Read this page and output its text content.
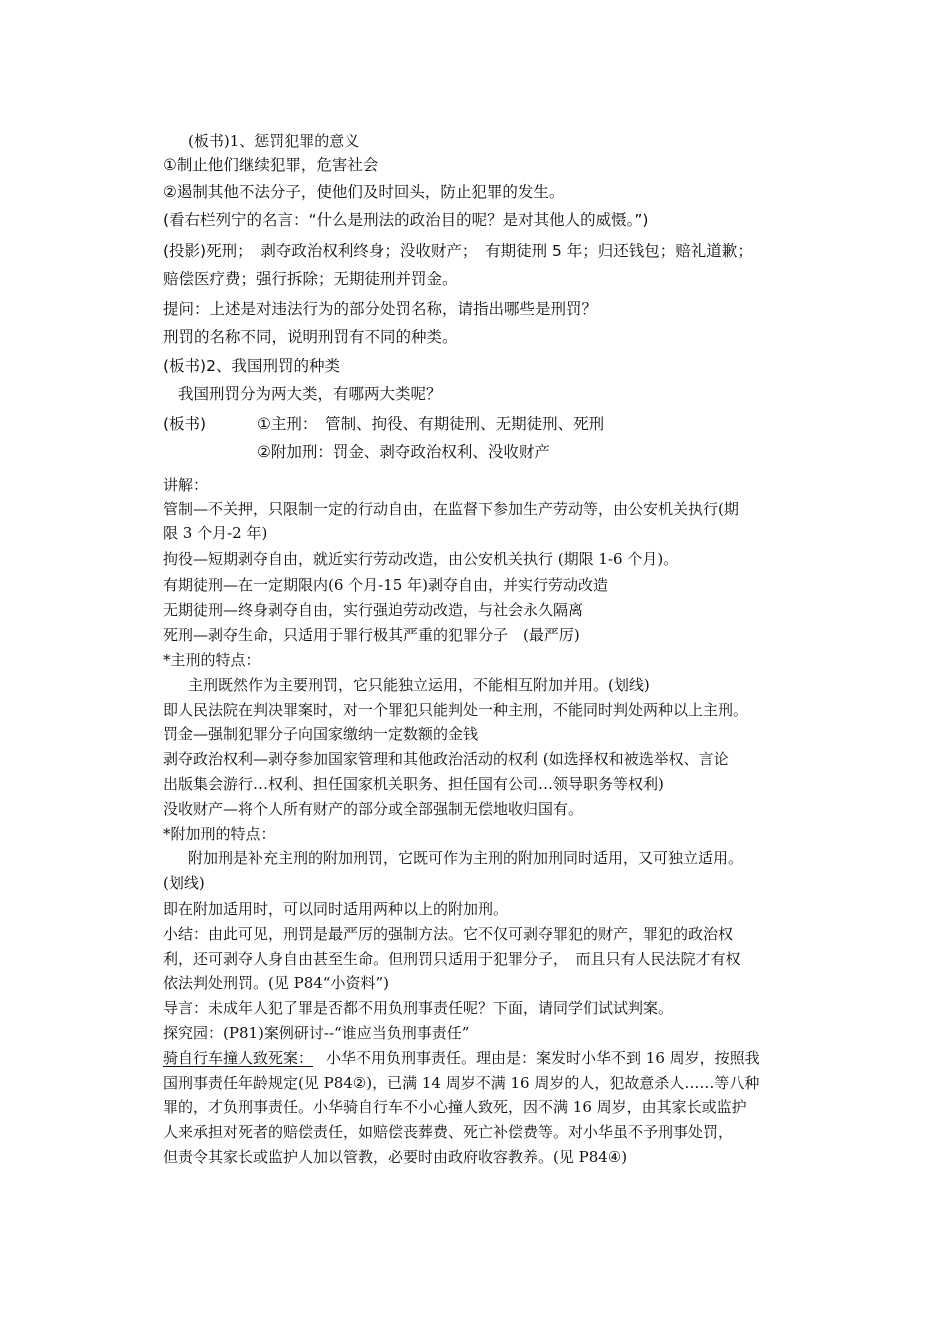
(板书)1、惩罚犯罪的意义
①制止他们继续犯罪，危害社会
②遏制其他不法分子，使他们及时回头，防止犯罪的发生。
(看右栏列宁的名言：“什么是刑法的政治目的呢？是对其他人的威慑。”)
(投影)死刑；　剥夺政治权利终身；没收财产；　有期徒刑 5 年；归还钱包；赔礼道歉；
赔偿医疗费；强行拆除；无期徒刑并罚金。
提问：上述是对违法行为的部分处罚名称，请指出哪些是刑罚？
刑罚的名称不同，说明刑罚有不同的种类。
(板书)2、我国刑罚的种类
我国刑罚分为两大类，有哪两大类呢？
(板书)	①主刑：　管制、拘役、有期徒刑、无期徒刑、死刑
②附加刑：罚金、剥夺政治权利、没收财产
讲解：
管制—不关押，只限制一定的行动自由，在监督下参加生产劳动等，由公安机关执行(期
限 3 个月-2 年)
拘役—短期剥夺自由，就近实行劳动改造，由公安机关执行 (期限 1-6 个月)。
有期徒刑—在一定期限内(6 个月-15 年)剥夺自由，并实行劳动改造
无期徒刑—终身剥夺自由，实行强迫劳动改造，与社会永久隔离
死刑—剥夺生命，只适用于罪行极其严重的犯罪分子　(最严厉)
*主刑的特点：
主刑既然作为主要刑罚，它只能独立运用，不能相互附加并用。(划线)
即人民法院在判决罪案时，对一个罪犯只能判处一种主刑，不能同时判处两种以上主刑。
罚金—强制犯罪分子向国家缴纳一定数额的金钱
剥夺政治权利—剥夺参加国家管理和其他政治活动的权利 (如选择权和被选举权、言论
出版集会游行…权利、担任国家机关职务、担任国有公司…领导职务等权利)
没收财产—将个人所有财产的部分或全部强制无偿地收归国有。
*附加刑的特点：
附加刑是补充主刑的附加刑罚，它既可作为主刑的附加刑同时适用，又可独立适用。
(划线)
即在附加适用时，可以同时适用两种以上的附加刑。
小结：由此可见，刑罚是最严厉的强制方法。它不仅可剥夺罪犯的财产，罪犯的政治权
利，还可剥夺人身自由甚至生命。但刑罚只适用于犯罪分子，　而且只有人民法院才有权
依法判处刑罚。(见 P84“小资料”)
导言：未成年人犯了罪是否都不用负刑事责任呢？下面，请同学们试试判案。
探究园：(P81)案例研讨--“谁应当负刑事责任”
骑自行车撞人致死案： 小华不用负刑事责任。理由是：案发时小华不到 16 周岁，按照我
国刑事责任年龄规定(见 P84②)，已满 14 周岁不满 16 周岁的人，犯故意杀人……等八种
罪的，才负刑事责任。小华骑自行车不小心撞人致死，因不满 16 周岁，由其家长或监护
人来承担对死者的赔偿责任，如赔偿丧葬费、死亡补偿费等。对小华虽不予刑事处罚，
但责令其家长或监护人加以管教，必要时由政府收容教养。(见 P84④)
